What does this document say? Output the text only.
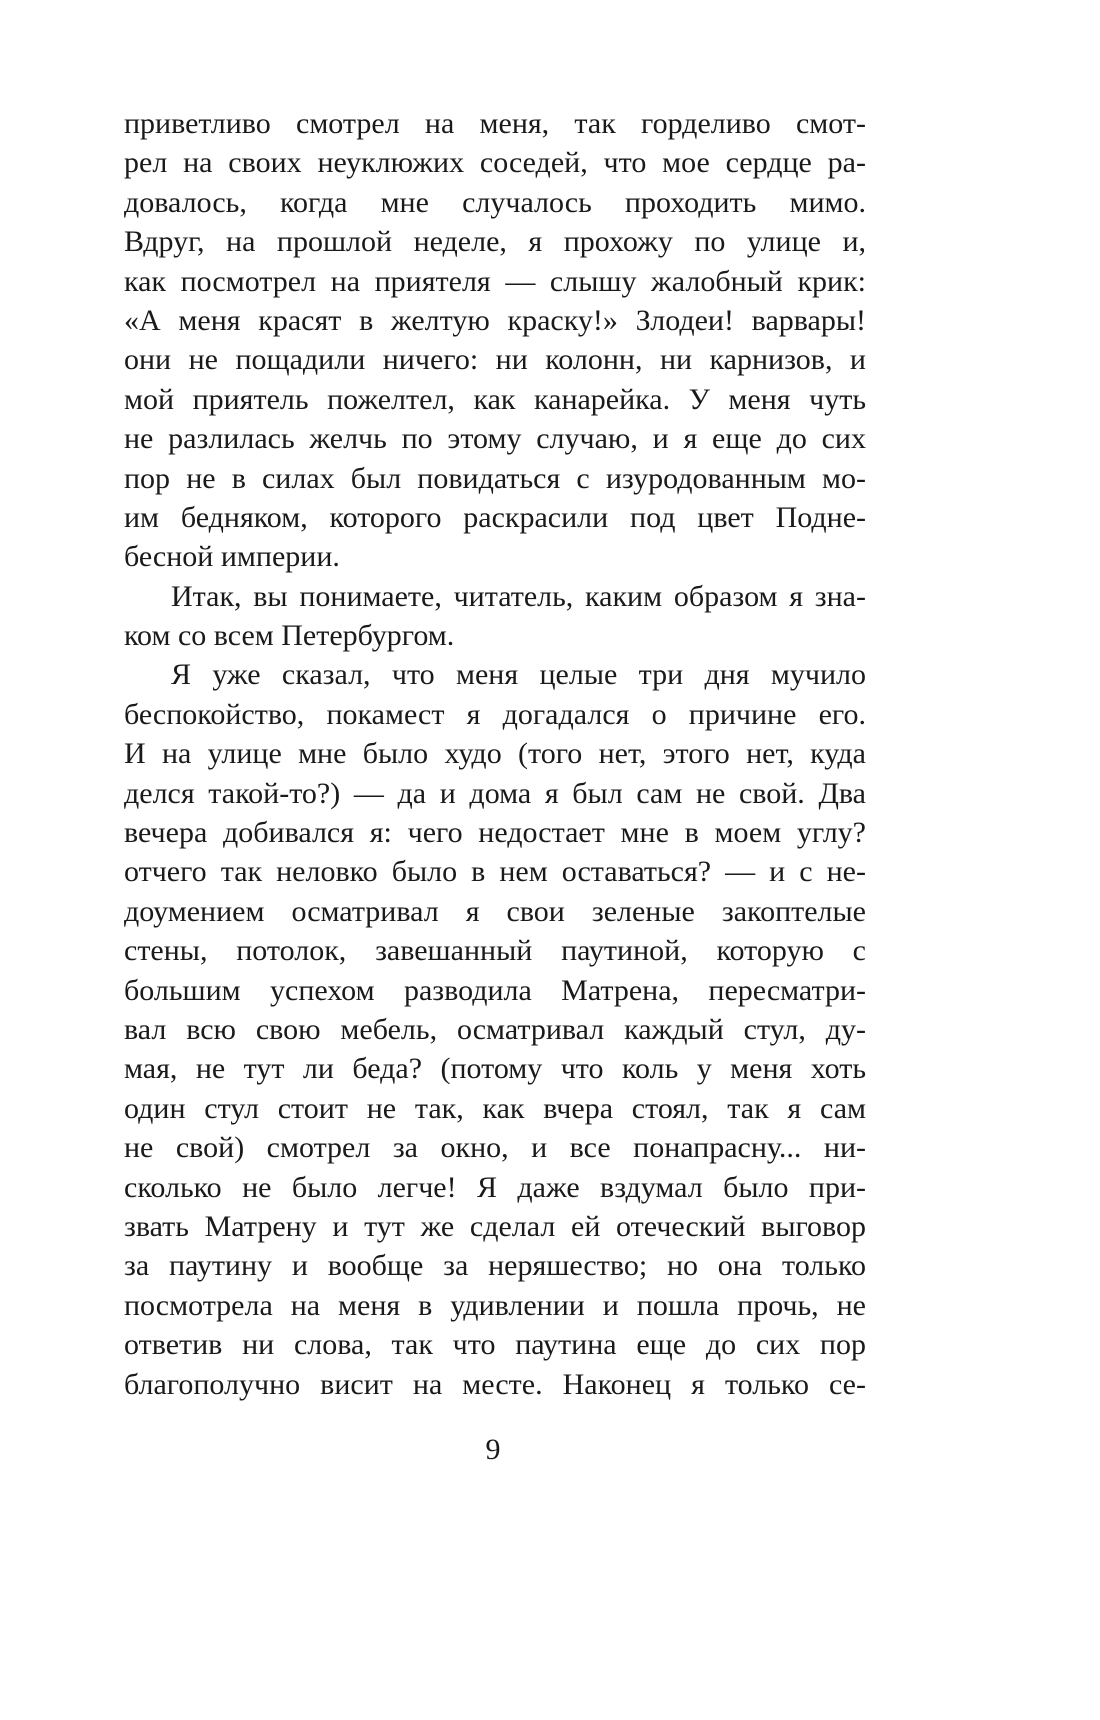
приветливо смотрел на меня, так горделиво смот-
рел на своих неуклюжих соседей, что мое сердце ра-
довалось, когда мне случалось проходить мимо.
Вдруг, на прошлой неделе, я прохожу по улице и,
как посмотрел на приятеля — слышу жалобный крик:
«А меня красят в желтую краску!» Злодеи! варвары!
они не пощадили ничего: ни колонн, ни карнизов, и
мой приятель пожелтел, как канарейка. У меня чуть
не разлилась желчь по этому случаю, и я еще до сих
пор не в силах был повидаться с изуродованным мо-
им бедняком, которого раскрасили под цвет Подне-
бесной империи.
Итак, вы понимаете, читатель, каким образом я зна-
ком со всем Петербургом.
Я уже сказал, что меня целые три дня мучило
беспокойство, покамест я догадался о причине его.
И на улице мне было худо (того нет, этого нет, куда
делся такой-то?) — да и дома я был сам не свой. Два
вечера добивался я: чего недостает мне в моем углу?
отчего так неловко было в нем оставаться? — и с не-
доумением осматривал я свои зеленые закоптелые
стены, потолок, завешанный паутиной, которую с
большим успехом разводила Матрена, пересматри-
вал всю свою мебель, осматривал каждый стул, ду-
мая, не тут ли беда? (потому что коль у меня хоть
один стул стоит не так, как вчера стоял, так я сам
не свой) смотрел за окно, и все понапрасну... ни-
сколько не было легче! Я даже вздумал было при-
звать Матрену и тут же сделал ей отеческий выговор
за паутину и вообще за неряшество; но она только
посмотрела на меня в удивлении и пошла прочь, не
ответив ни слова, так что паутина еще до сих пор
благополучно висит на месте. Наконец я только се-
9
